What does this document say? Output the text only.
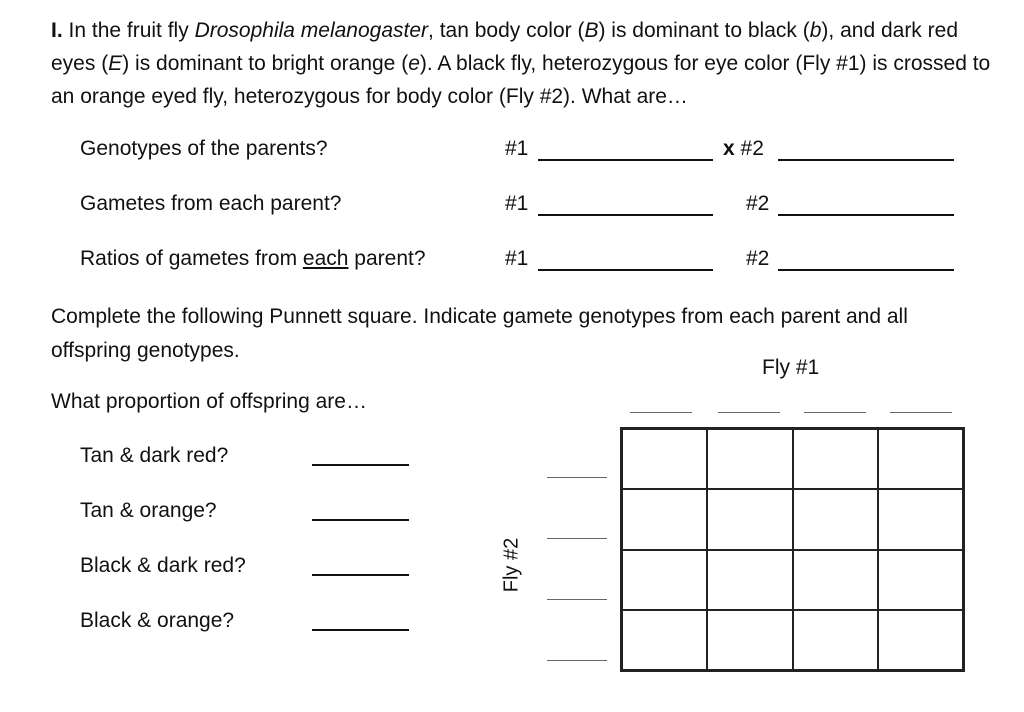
I. In the fruit fly Drosophila melanogaster, tan body color (B) is dominant to black (b), and dark red eyes (E) is dominant to bright orange (e). A black fly, heterozygous for eye color (Fly #1) is crossed to an orange eyed fly, heterozygous for body color (Fly #2). What are…
Genotypes of the parents?	#1	x #2
Gametes from each parent?	#1	#2
Ratios of gametes from each parent?	#1	#2
Complete the following Punnett square. Indicate gamete genotypes from each parent and all offspring genotypes.
Fly #1
What proportion of offspring are…
Tan & dark red?
Tan & orange?
Black & dark red?
Black & orange?
Fly #2
